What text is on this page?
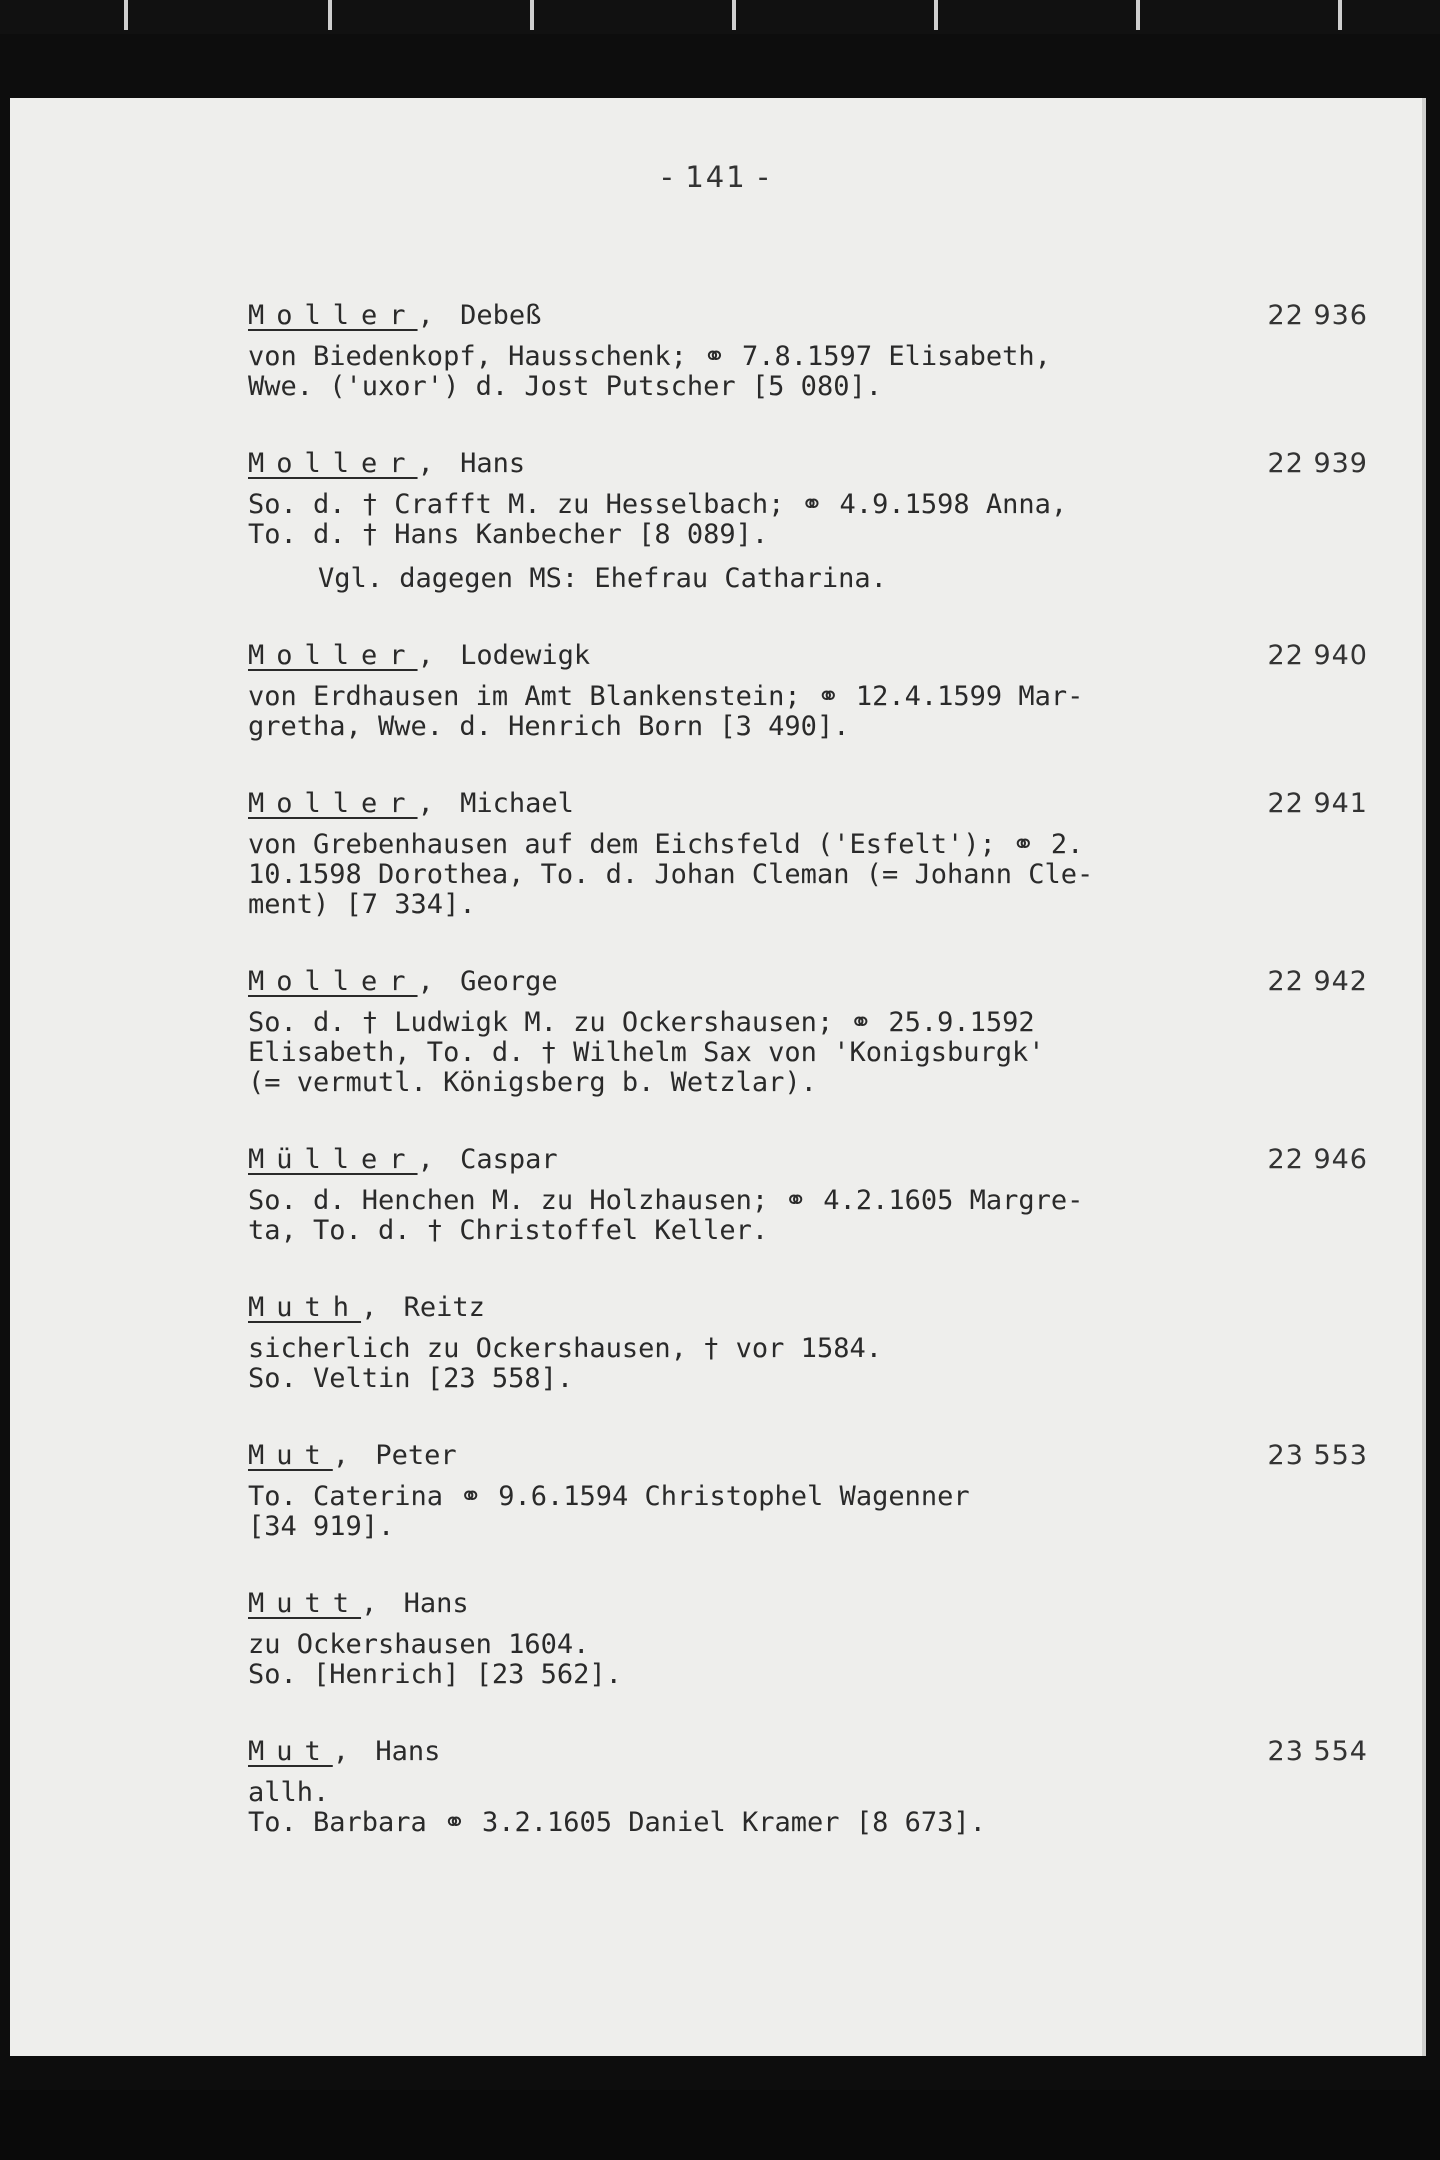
- 141 -
Moller, Debeß	22 936
von Biedenkopf, Hausschenk; ⚭ 7.8.1597 Elisabeth,
Wwe. ('uxor') d. Jost Putscher [5 080].
Moller, Hans	22 939
So. d. † Crafft M. zu Hesselbach; ⚭ 4.9.1598 Anna,
To. d. † Hans Kanbecher [8 089].
Vgl. dagegen MS: Ehefrau Catharina.
Moller, Lodewigk	22 940
von Erdhausen im Amt Blankenstein; ⚭ 12.4.1599 Mar-
gretha, Wwe. d. Henrich Born [3 490].
Moller, Michael	22 941
von Grebenhausen auf dem Eichsfeld ('Esfelt'); ⚭ 2.
10.1598 Dorothea, To. d. Johan Cleman (= Johann Cle-
ment) [7 334].
Moller, George	22 942
So. d. † Ludwigk M. zu Ockershausen; ⚭ 25.9.1592
Elisabeth, To. d. † Wilhelm Sax von 'Konigsburgk'
(= vermutl. Königsberg b. Wetzlar).
Müller, Caspar	22 946
So. d. Henchen M. zu Holzhausen; ⚭ 4.2.1605 Margre-
ta, To. d. † Christoffel Keller.
Muth, Reitz
sicherlich zu Ockershausen, † vor 1584.
So. Veltin [23 558].
Mut, Peter	23 553
To. Caterina ⚭ 9.6.1594 Christophel Wagenner
[34 919].
Mutt, Hans
zu Ockershausen 1604.
So. [Henrich] [23 562].
Mut, Hans	23 554
allh.
To. Barbara ⚭ 3.2.1605 Daniel Kramer [8 673].
